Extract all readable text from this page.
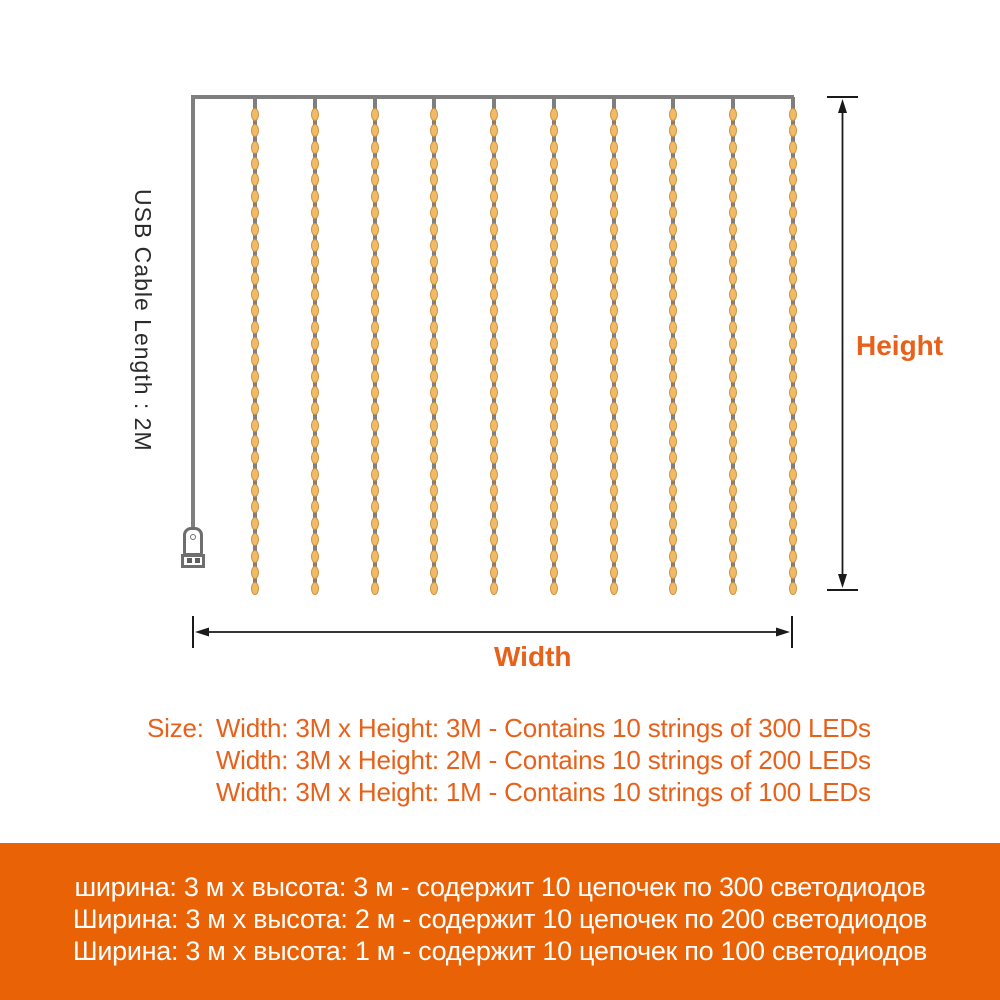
USB Cable Length : 2M	Height
Width
Size: Width: 3M x Height: 3M - Contains 10 strings of 300 LEDs
Width: 3M x Height: 2M - Contains 10 strings of 200 LEDs
Width: 3M x Height: 1M - Contains 10 strings of 100 LEDs
ширина: 3 м х высота: 3 м - содержит 10 цепочек по 300 светодиодов
Ширина: 3 м х высота: 2 м - содержит 10 цепочек по 200 светодиодов
Ширина: 3 м х высота: 1 м - содержит 10 цепочек по 100 светодиодов
